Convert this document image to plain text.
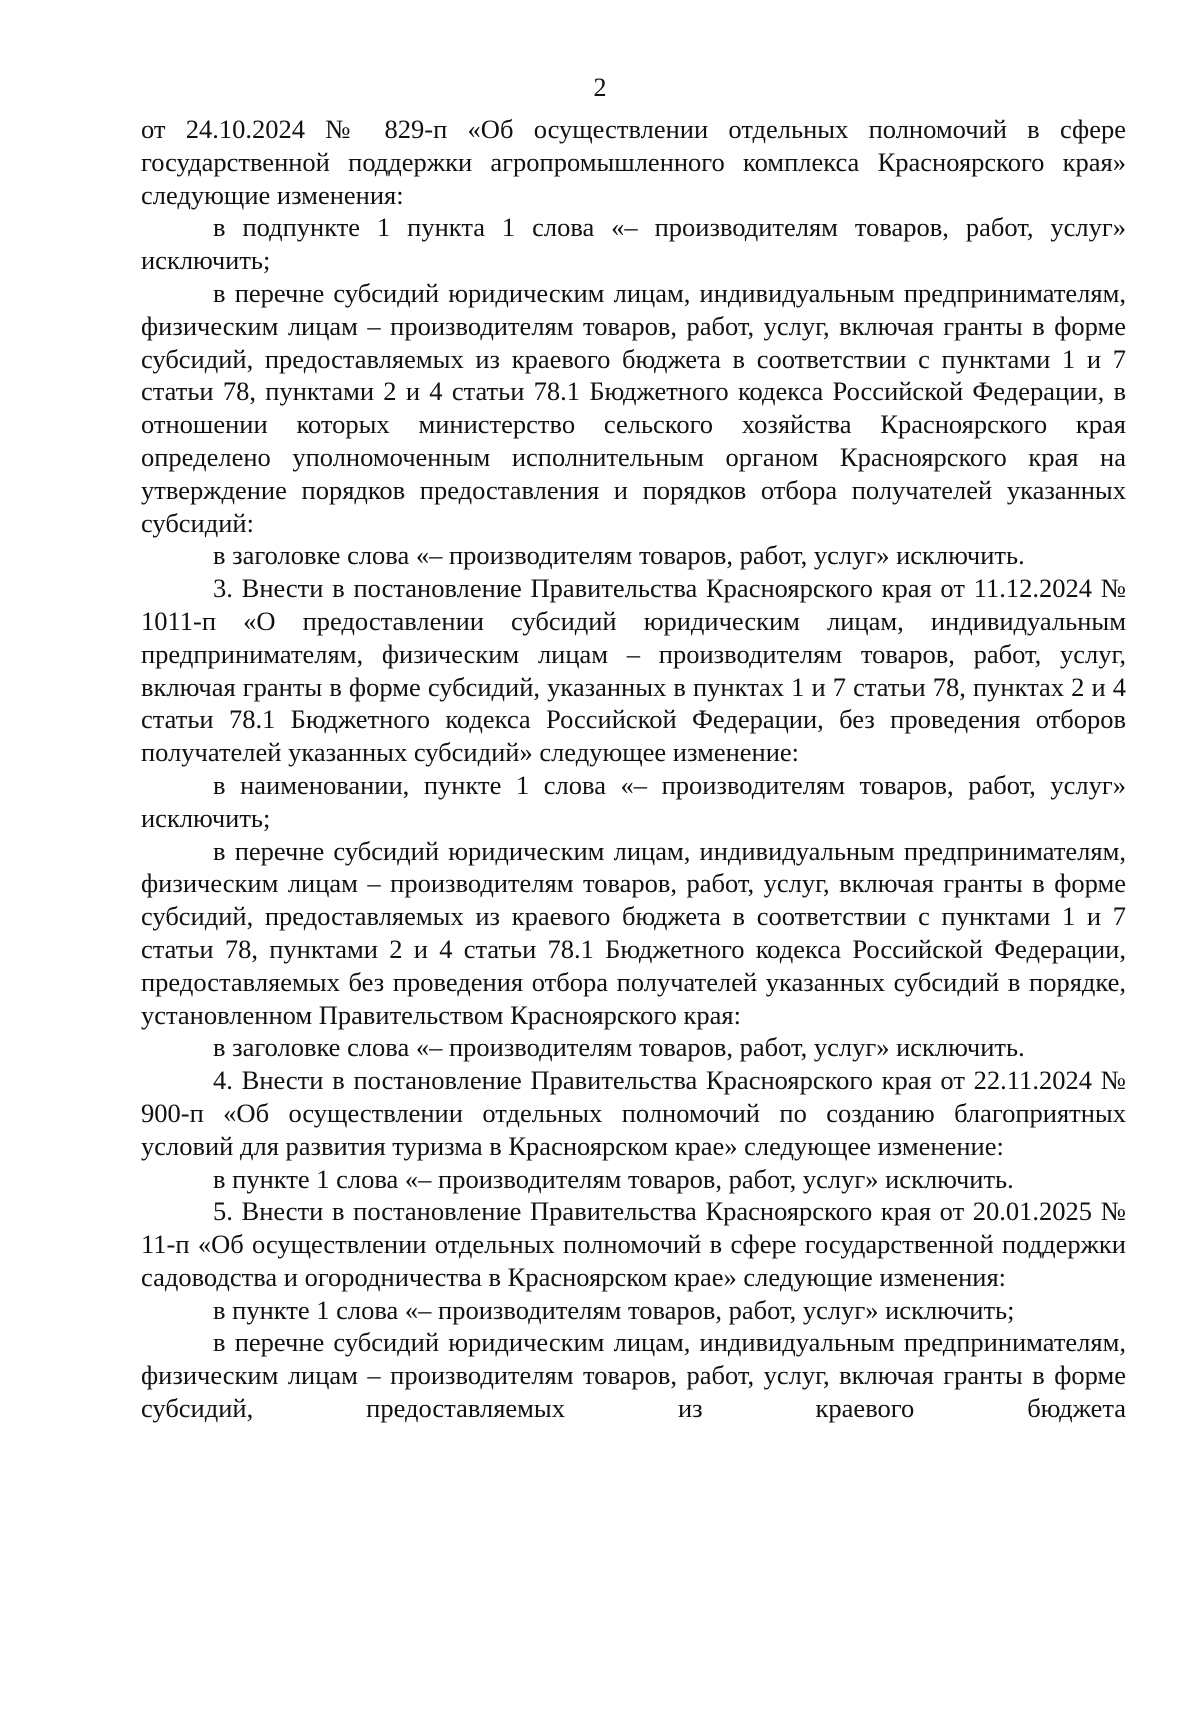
2

от 24.10.2024 № 829-п «Об осуществлении отдельных полномочий в сфере государственной поддержки агропромышленного комплекса Красноярского края» следующие изменения:

в подпункте 1 пункта 1 слова «– производителям товаров, работ, услуг» исключить;

в перечне субсидий юридическим лицам, индивидуальным предпринимателям, физическим лицам – производителям товаров, работ, услуг, включая гранты в форме субсидий, предоставляемых из краевого бюджета в соответствии с пунктами 1 и 7 статьи 78, пунктами 2 и 4 статьи 78.1 Бюджетного кодекса Российской Федерации, в отношении которых министерство сельского хозяйства Красноярского края определено уполномоченным исполнительным органом Красноярского края на утверждение порядков предоставления и порядков отбора получателей указанных субсидий:

в заголовке слова «– производителям товаров, работ, услуг» исключить.

3. Внести в постановление Правительства Красноярского края от 11.12.2024 № 1011-п «О предоставлении субсидий юридическим лицам, индивидуальным предпринимателям, физическим лицам – производителям товаров, работ, услуг, включая гранты в форме субсидий, указанных в пунктах 1 и 7 статьи 78, пунктах 2 и 4 статьи 78.1 Бюджетного кодекса Российской Федерации, без проведения отборов получателей указанных субсидий» следующее изменение:

в наименовании, пункте 1 слова «– производителям товаров, работ, услуг» исключить;

в перечне субсидий юридическим лицам, индивидуальным предпринимателям, физическим лицам – производителям товаров, работ, услуг, включая гранты в форме субсидий, предоставляемых из краевого бюджета в соответствии с пунктами 1 и 7 статьи 78, пунктами 2 и 4 статьи 78.1 Бюджетного кодекса Российской Федерации, предоставляемых без проведения отбора получателей указанных субсидий в порядке, установленном Правительством Красноярского края:

в заголовке слова «– производителям товаров, работ, услуг» исключить.

4. Внести в постановление Правительства Красноярского края от 22.11.2024 № 900-п «Об осуществлении отдельных полномочий по созданию благоприятных условий для развития туризма в Красноярском крае» следующее изменение:

в пункте 1 слова «– производителям товаров, работ, услуг» исключить.

5. Внести в постановление Правительства Красноярского края от 20.01.2025 № 11-п «Об осуществлении отдельных полномочий в сфере государственной поддержки садоводства и огородничества в Красноярском крае» следующие изменения:

в пункте 1 слова «– производителям товаров, работ, услуг» исключить;

в перечне субсидий юридическим лицам, индивидуальным предпринимателям, физическим лицам – производителям товаров, работ, услуг, включая гранты в форме субсидий, предоставляемых из краевого бюджета
